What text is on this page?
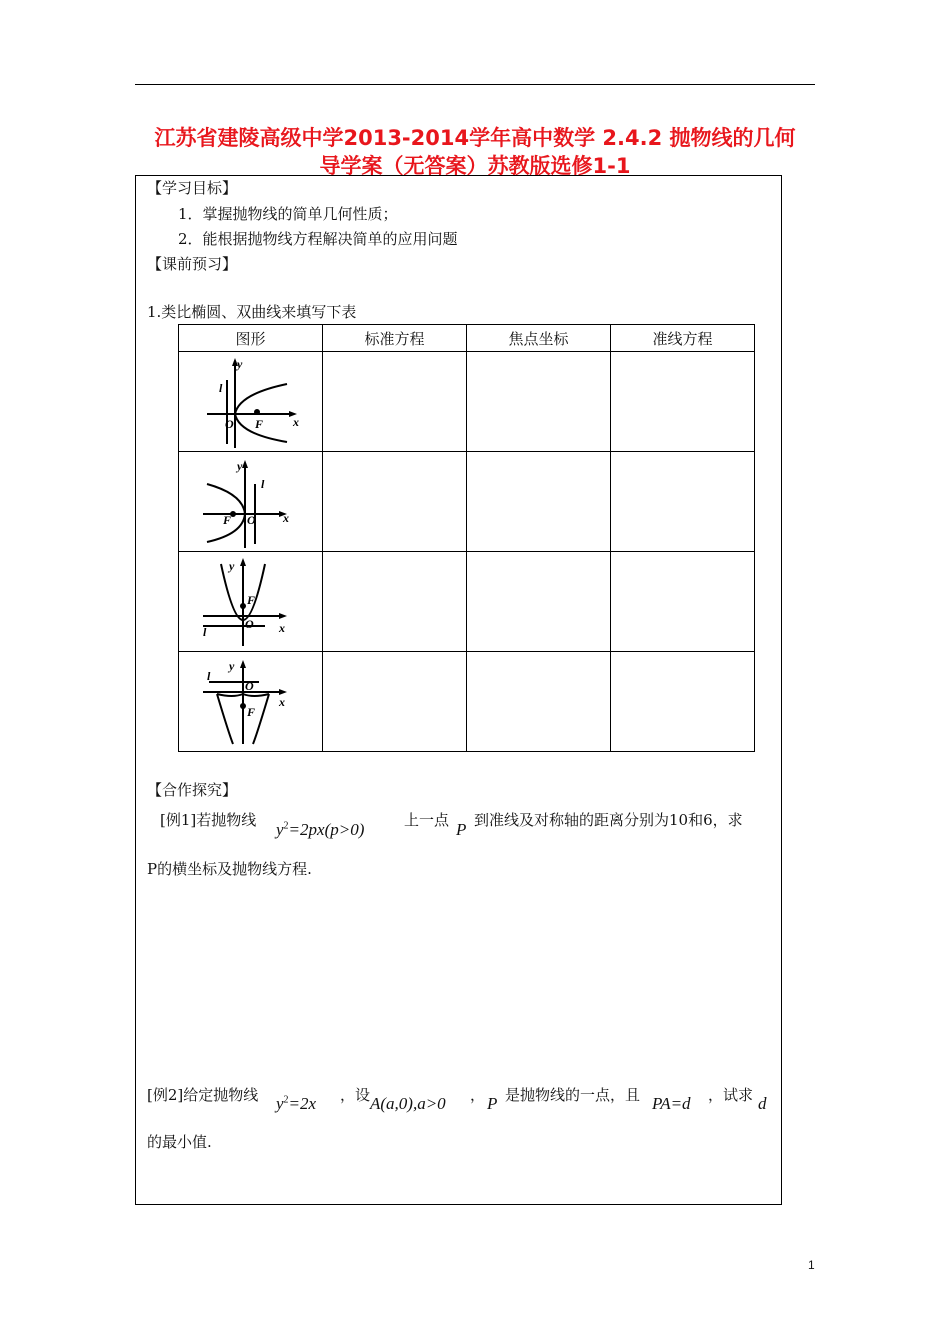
江苏省建陵高级中学2013-2014学年高中数学 2.4.2 抛物线的几何
导学案（无答案）苏教版选修1-1
【学习目标】
1．掌握抛物线的简单几何性质；
2．能根据抛物线方程解决简单的应用问题
【课前预习】
1.类比椭圆、双曲线来填写下表
图形	标准方程	焦点坐标	准线方程

y
x
l
O F			

y
x
l
O
F			

y
x
l
O
F			

y
x
l
O
F			

【合作探究】
[例1]若抛物线 $y^2=2px(p>0)$	上一点 P 到准线及对称轴的距离分别为10和6，求
P的横坐标及抛物线方程.
[例2]给定抛物线 $y^2=2x$ ，设 A(a,0),a>0 ， P 是抛物线的一点，且 PA=d ，试求 d
的最小值.
1
